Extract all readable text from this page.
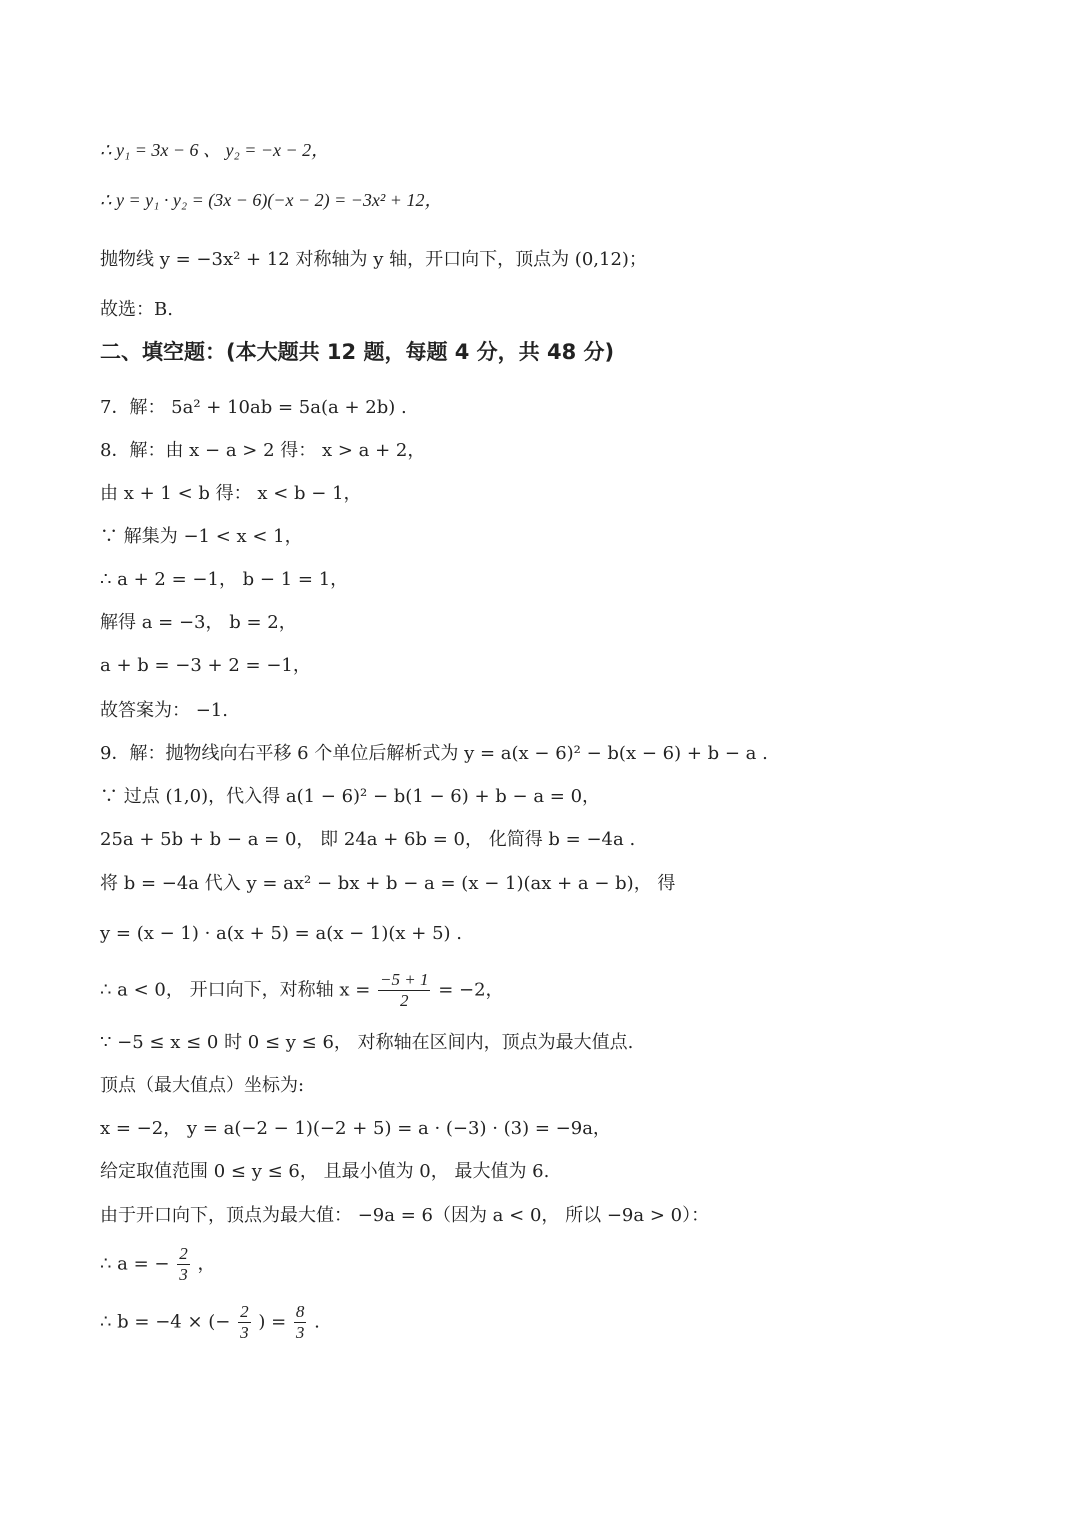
∴ y₁ = 3x − 6 、 y₂ = −x − 2，
∴ y = y₁ · y₂ = (3x − 6)(−x − 2) = −3x² + 12，
抛物线 y = −3x² + 12 对称轴为 y 轴，开口向下，顶点为 (0,12)；
故选：B.
二、填空题：(本大题共 12 题，每题 4 分，共 48 分)
7．解： 5a² + 10ab = 5a(a + 2b) .
8．解：由 x − a > 2 得： x > a + 2，
由 x + 1 < b 得： x < b − 1，
∵ 解集为 −1 < x < 1，
∴ a + 2 = −1， b − 1 = 1，
解得 a = −3， b = 2，
a + b = −3 + 2 = −1，
故答案为： −1.
9．解：抛物线向右平移 6 个单位后解析式为 y = a(x − 6)² − b(x − 6) + b − a .
∵ 过点 (1,0)，代入得 a(1 − 6)² − b(1 − 6) + b − a = 0，
25a + 5b + b − a = 0， 即 24a + 6b = 0， 化简得 b = −4a .
将 b = −4a 代入 y = ax² − bx + b − a = (x − 1)(ax + a − b)， 得
y = (x − 1) · a(x + 5) = a(x − 1)(x + 5) .
∴ a < 0， 开口向下，对称轴 $x = \frac{-5 + 1}{2} = -2$，
∵ −5 ≤ x ≤ 0 时 0 ≤ y ≤ 6， 对称轴在区间内，顶点为最大值点.
顶点（最大值点）坐标为:
x = −2， y = a(−2 − 1)(−2 + 5) = a · (−3) · (3) = −9a，
给定取值范围 0 ≤ y ≤ 6， 且最小值为 0， 最大值为 6.
由于开口向下，顶点为最大值： −9a = 6（因为 a < 0， 所以 −9a > 0）：
∴ a = − $\frac{2}{3}$ ，
∴ b = −4 × (− $\frac{2}{3}$ ) = $\frac{8}{3}$ .
